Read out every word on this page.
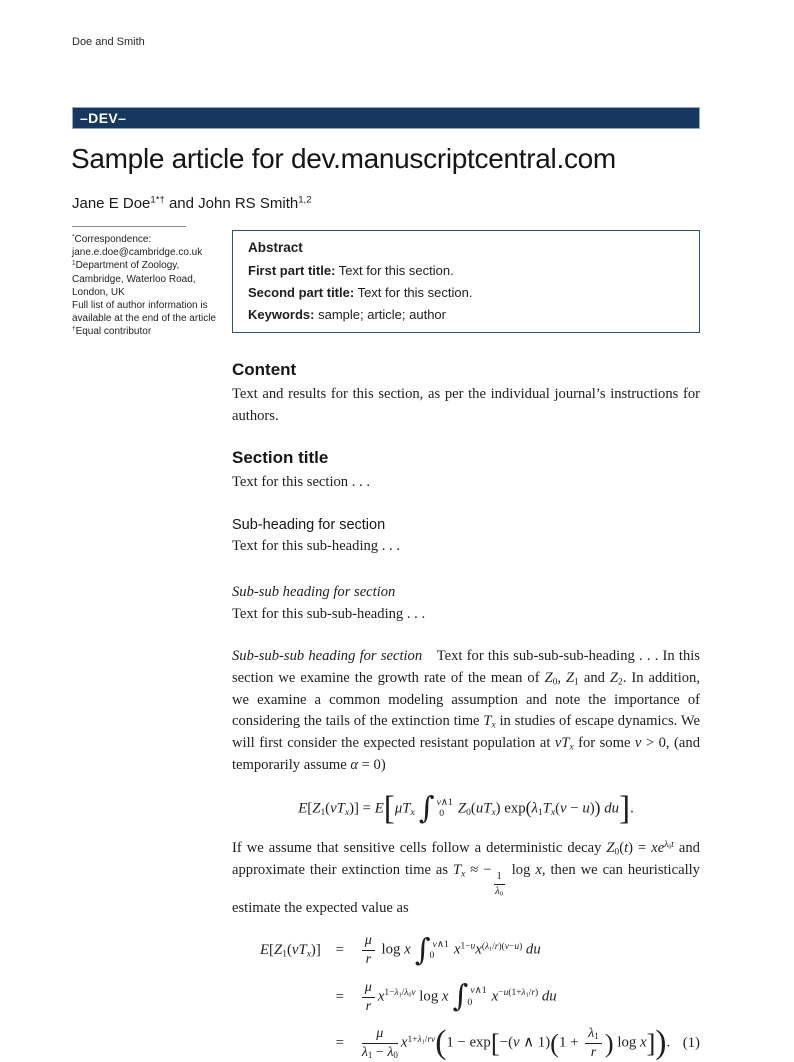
Doe and Smith
–DEV–
Sample article for dev.manuscriptcentral.com
Jane E Doe$^{1*\dagger}$ and John RS Smith$^{1,2}$
*Correspondence:
jane.e.doe@cambridge.co.uk
$^1$Department of Zoology,
Cambridge, Waterloo Road,
London, UK
Full list of author information is
available at the end of the article
†Equal contributor
Abstract
First part title: Text for this section.
Second part title: Text for this section.
Keywords: sample; article; author
Content

Text and results for this section, as per the individual journal’s instructions for authors.

Section title

Text for this section . . .

Sub-heading for section

Text for this sub-heading . . .

Sub-sub heading for section

Text for this sub-sub-heading . . .

Sub-sub-sub heading for section  Text for this sub-sub-sub-heading . . . In this section we examine the growth rate of the mean of $Z_0$, $Z_1$ and $Z_2$. In addition, we examine a common modeling assumption and note the importance of considering the tails of the extinction time $T_x$ in studies of escape dynamics. We will first consider the expected resistant population at $vT_x$ for some v > 0, (and temporarily assume α = 0)

$E[Z_1(vT_x)] = E[\mu T_x$ ∫ v∧1
0 $Z_0(uT_x) \exp(\lambda_1T_x(v - u))$ du].

If we assume that sensitive cells follow a deterministic decay $Z_0(t) = xe^{\lambda_0t}$ and approximate their extinction time as $T_x$ ≈ −
$\frac{1}{\lambda_0}$
log x, then we can heuristically estimate the expected value as

$E[Z_1(vT_x)]$	=	$\frac{\mu}{r}$ log x ∫ v∧1
0	$x^{1-u}x^{(\lambda_1/r)(v-u)}$ du
=	$\frac{\mu}{r} x^{1-\lambda_1/\lambda_0v}$ log x ∫ v∧1
0	$x^{-u(1+\lambda_1/r)}$ du
=	$\frac{\mu}{\lambda_1 - \lambda_0} x^{1+\lambda_1/rv}(1 - \exp[-(v$ ∧ $1)(1 + \frac{\lambda_1}{r}$ ) log x]). (1)
